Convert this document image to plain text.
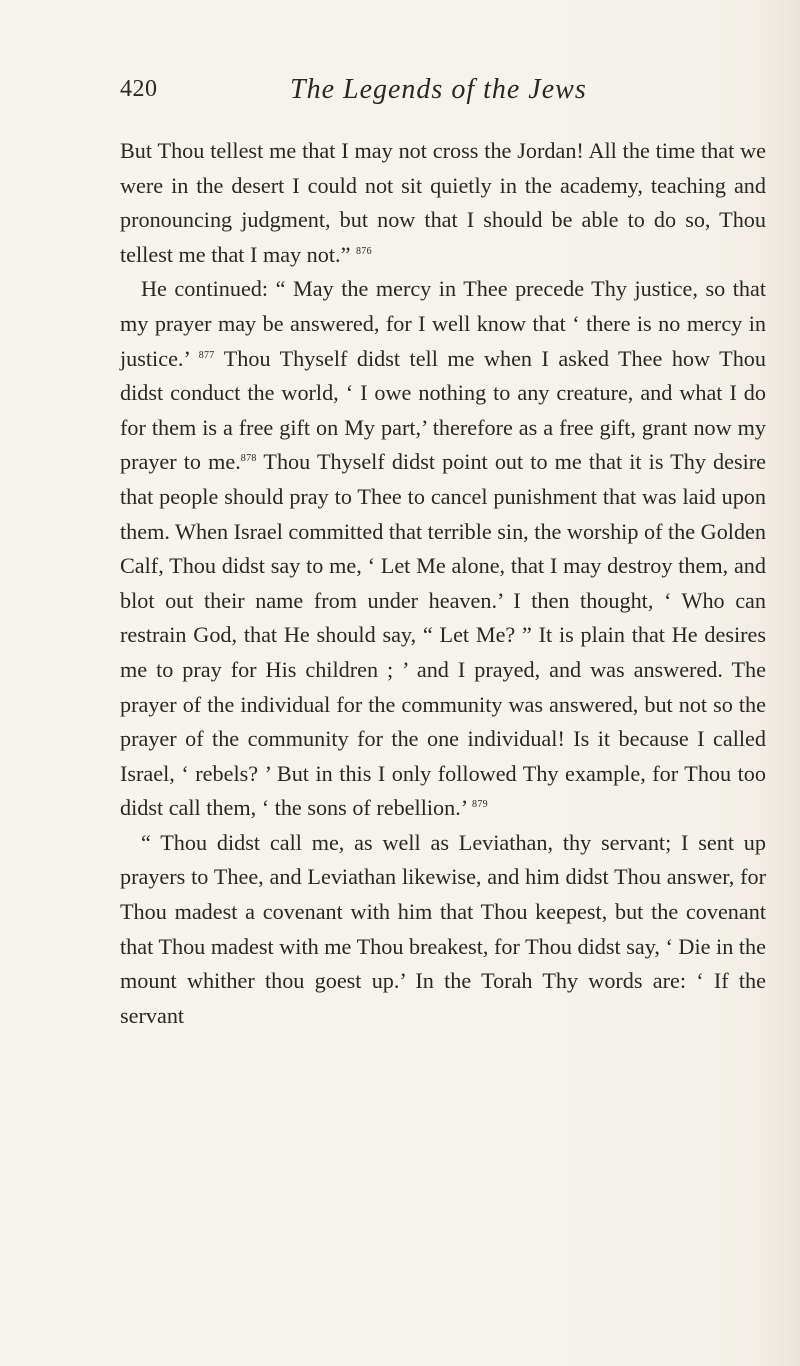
420	The Legends of the Jews

But Thou tellest me that I may not cross the Jordan! All the time that we were in the desert I could not sit quietly in the academy, teaching and pronouncing judgment, but now that I should be able to do so, Thou tellest me that I may not.” $^{876}$

He continued: “ May the mercy in Thee precede Thy justice, so that my prayer may be answered, for I well know that ‘ there is no mercy in justice.’ $^{877}$ Thou Thyself didst tell me when I asked Thee how Thou didst conduct the world, ‘ I owe nothing to any creature, and what I do for them is a free gift on My part,’ therefore as a free gift, grant now my prayer to me.$^{878}$ Thou Thyself didst point out to me that it is Thy desire that people should pray to Thee to cancel punishment that was laid upon them. When Israel committed that terrible sin, the worship of the Golden Calf, Thou didst say to me, ‘ Let Me alone, that I may destroy them, and blot out their name from under heaven.’ I then thought, ‘ Who can restrain God, that He should say, “ Let Me? ” It is plain that He desires me to pray for His children ; ’ and I prayed, and was answered. The prayer of the individual for the community was answered, but not so the prayer of the community for the one individual! Is it because I called Israel, ‘ rebels? ’ But in this I only followed Thy example, for Thou too didst call them, ‘ the sons of rebellion.’ $^{879}$

“ Thou didst call me, as well as Leviathan, thy servant; I sent up prayers to Thee, and Leviathan likewise, and him didst Thou answer, for Thou madest a covenant with him that Thou keepest, but the covenant that Thou madest with me Thou breakest, for Thou didst say, ‘ Die in the mount whither thou goest up.’ In the Torah Thy words are: ‘ If the servant
